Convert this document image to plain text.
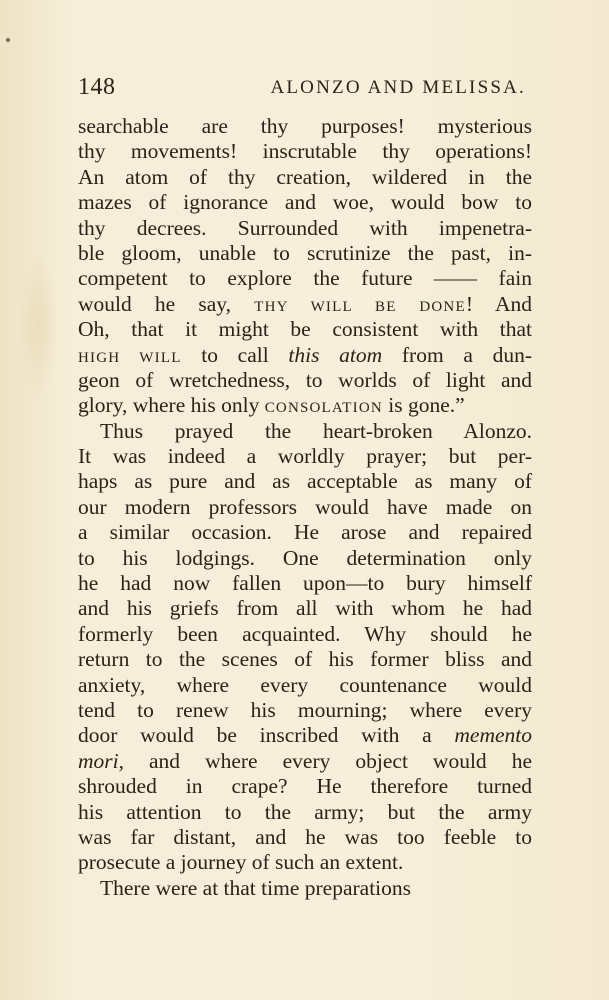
148	ALONZO AND MELISSA.
searchable are thy purposes! mysterious
thy movements! inscrutable thy operations!
An atom of thy creation, wildered in the
mazes of ignorance and woe, would bow to
thy decrees. Surrounded with impenetra-
ble gloom, unable to scrutinize the past, in-
competent to explore the future —— fain
would he say, THY WILL BE DONE! And
Oh, that it might be consistent with that
HIGH WILL to call this atom from a dun-
geon of wretchedness, to worlds of light and
glory, where his only CONSOLATION is gone.”
Thus prayed the heart-broken Alonzo.
It was indeed a worldly prayer; but per-
haps as pure and as acceptable as many of
our modern professors would have made on
a similar occasion. He arose and repaired
to his lodgings. One determination only
he had now fallen upon—to bury himself
and his griefs from all with whom he had
formerly been acquainted. Why should he
return to the scenes of his former bliss and
anxiety, where every countenance would
tend to renew his mourning; where every
door would be inscribed with a memento
mori, and where every object would he
shrouded in crape? He therefore turned
his attention to the army; but the army
was far distant, and he was too feeble to
prosecute a journey of such an extent.
There were at that time preparations
